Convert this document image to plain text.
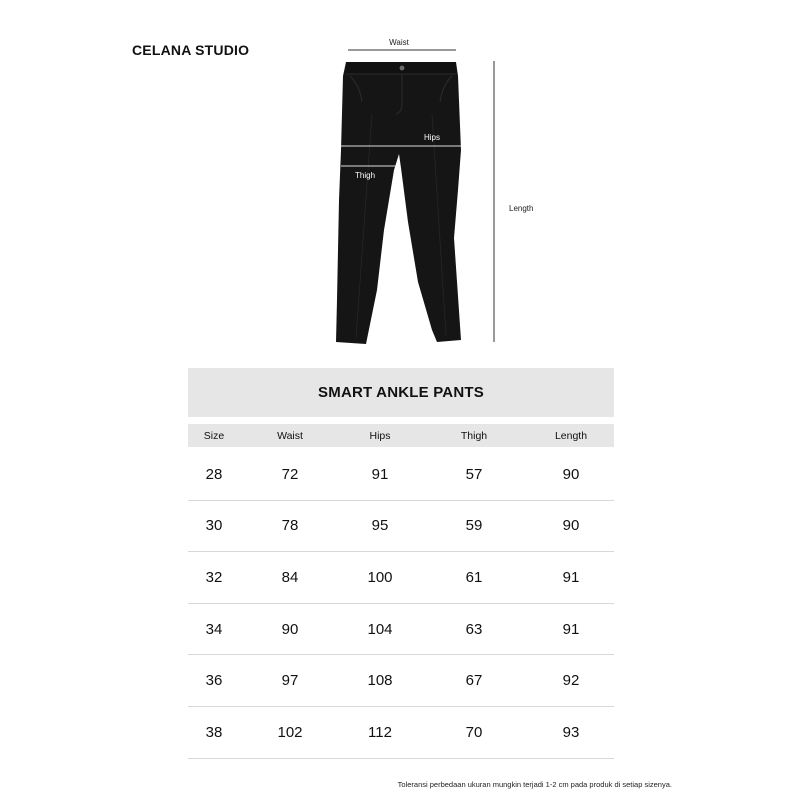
CELANA STUDIO	Waist
Length
Hips
Thigh
SMART ANKLE PANTS
Size	Waist	Hips	Thigh	Length
28	72	91	57	90
30	78	95	59	90
32	84	100	61	91
34	90	104	63	91
36	97	108	67	92
38	102	112	70	93
Toleransi perbedaan ukuran mungkin terjadi 1-2 cm pada produk di setiap sizenya.
